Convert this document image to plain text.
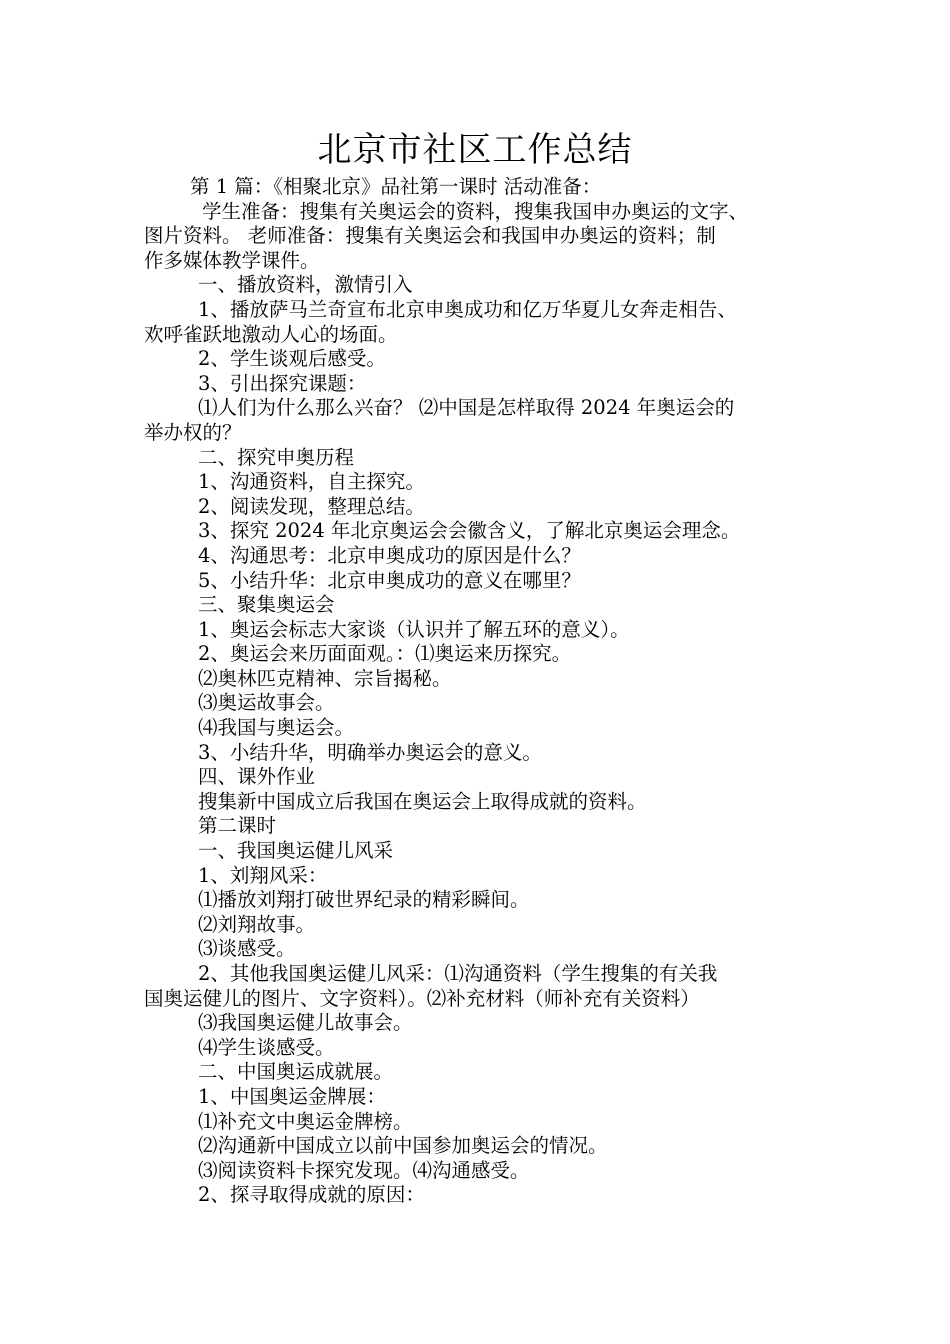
北京市社区工作总结
第 1 篇：《相聚北京》品社第一课时 活动准备：
学生准备：搜集有关奥运会的资料，搜集我国申办奥运的文字、
图片资料。 老师准备：搜集有关奥运会和我国申办奥运的资料；制
作多媒体教学课件。
一、播放资料，激情引入
1、播放萨马兰奇宣布北京申奥成功和亿万华夏儿女奔走相告、
欢呼雀跃地激动人心的场面。
2、学生谈观后感受。
3、引出探究课题：
⑴人们为什么那么兴奋？ ⑵中国是怎样取得 2024 年奥运会的
举办权的？
二、探究申奥历程
1、沟通资料，自主探究。
2、阅读发现，整理总结。
3、探究 2024 年北京奥运会会徽含义，了解北京奥运会理念。
4、沟通思考：北京申奥成功的原因是什么？
5、小结升华：北京申奥成功的意义在哪里？
三、聚集奥运会
1、奥运会标志大家谈（认识并了解五环的意义）。
2、奥运会来历面面观。：⑴奥运来历探究。
⑵奥林匹克精神、宗旨揭秘。
⑶奥运故事会。
⑷我国与奥运会。
3、小结升华，明确举办奥运会的意义。
四、课外作业
搜集新中国成立后我国在奥运会上取得成就的资料。
第二课时
一、我国奥运健儿风采
1、刘翔风采：
⑴播放刘翔打破世界纪录的精彩瞬间。
⑵刘翔故事。
⑶谈感受。
2、其他我国奥运健儿风采：⑴沟通资料（学生搜集的有关我
国奥运健儿的图片、文字资料）。⑵补充材料（师补充有关资料）
⑶我国奥运健儿故事会。
⑷学生谈感受。
二、中国奥运成就展。
1、中国奥运金牌展：
⑴补充文中奥运金牌榜。
⑵沟通新中国成立以前中国参加奥运会的情况。
⑶阅读资料卡探究发现。⑷沟通感受。
2、探寻取得成就的原因：
